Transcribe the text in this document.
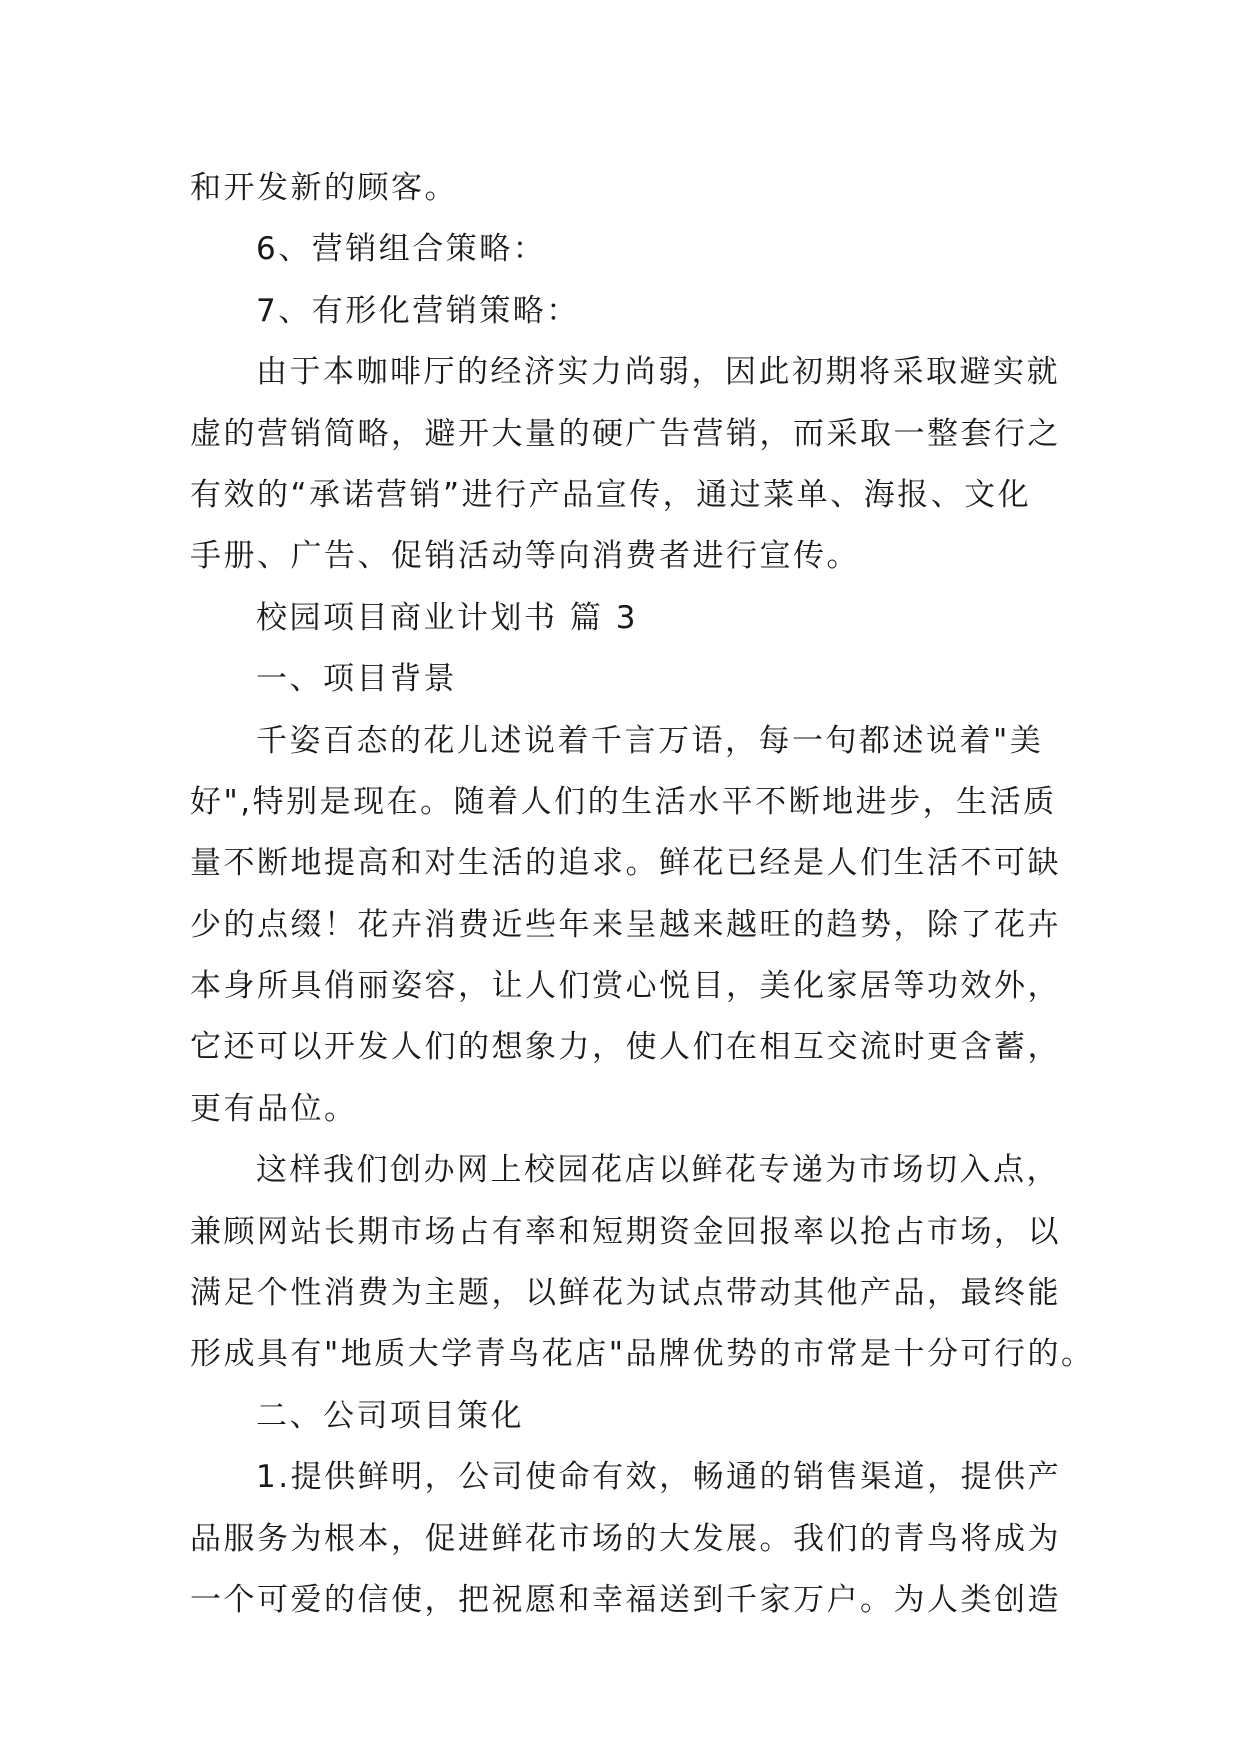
和开发新的顾客。
6、营销组合策略：
7、有形化营销策略：
由于本咖啡厅的经济实力尚弱，因此初期将采取避实就
虚的营销简略，避开大量的硬广告营销，而采取一整套行之
有效的“承诺营销”进行产品宣传，通过菜单、海报、文化
手册、广告、促销活动等向消费者进行宣传。
校园项目商业计划书 篇 3
一、项目背景
千姿百态的花儿述说着千言万语，每一句都述说着"美
好",特别是现在。随着人们的生活水平不断地进步，生活质
量不断地提高和对生活的追求。鲜花已经是人们生活不可缺
少的点缀！花卉消费近些年来呈越来越旺的趋势，除了花卉
本身所具俏丽姿容，让人们赏心悦目，美化家居等功效外，
它还可以开发人们的想象力，使人们在相互交流时更含蓄，
更有品位。
这样我们创办网上校园花店以鲜花专递为市场切入点，
兼顾网站长期市场占有率和短期资金回报率以抢占市场，以
满足个性消费为主题，以鲜花为试点带动其他产品，最终能
形成具有"地质大学青鸟花店"品牌优势的市常是十分可行的。
二、公司项目策化
1.提供鲜明，公司使命有效，畅通的销售渠道，提供产
品服务为根本，促进鲜花市场的大发展。我们的青鸟将成为
一个可爱的信使，把祝愿和幸福送到千家万户。为人类创造
